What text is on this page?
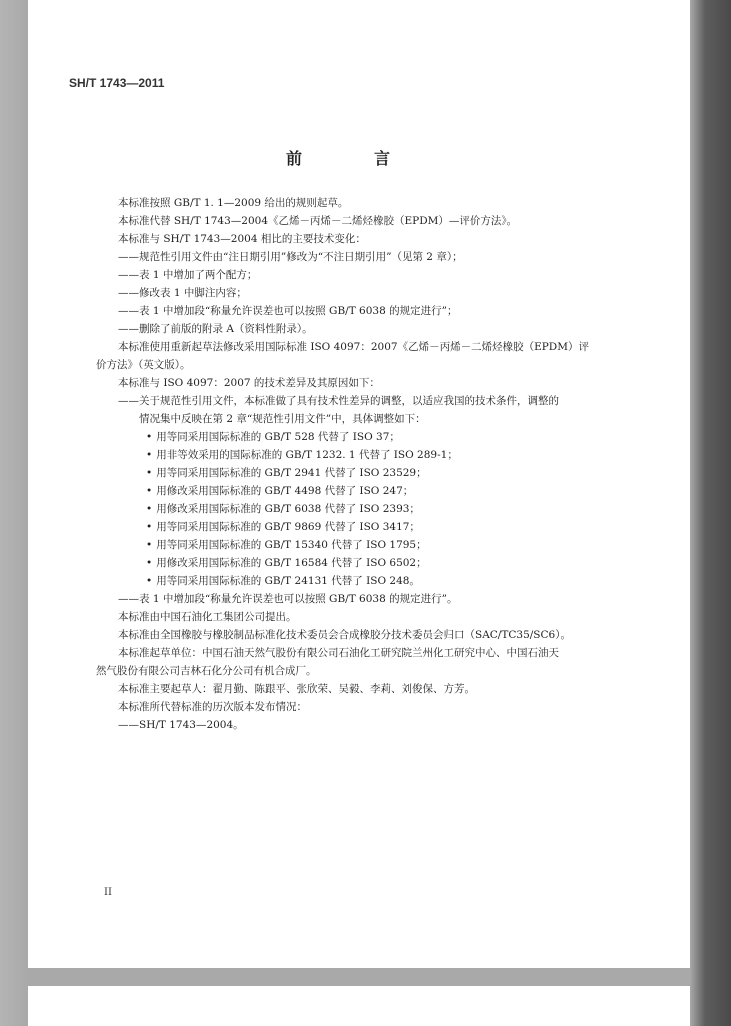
SH/T 1743—2011
前　言
本标准按照 GB/T 1. 1—2009 给出的规则起草。
本标准代替 SH/T 1743—2004《乙烯－丙烯－二烯烃橡胶（EPDM）—评价方法》。
本标准与 SH/T 1743—2004 相比的主要技术变化：
——规范性引用文件由“注日期引用”修改为“不注日期引用”（见第 2 章）；
——表 1 中增加了两个配方；
——修改表 1 中脚注内容；
——表 1 中增加段“称量允许误差也可以按照 GB/T 6038 的规定进行”；
——删除了前版的附录 A（资料性附录）。
本标准使用重新起草法修改采用国际标准 ISO 4097：2007《乙烯－丙烯－二烯烃橡胶（EPDM）评
价方法》（英文版）。
本标准与 ISO 4097：2007 的技术差异及其原因如下：
——关于规范性引用文件，本标准做了具有技术性差异的调整，以适应我国的技术条件，调整的
情况集中反映在第 2 章“规范性引用文件”中，具体调整如下：
• 用等同采用国际标准的 GB/T 528 代替了 ISO 37；
• 用非等效采用的国际标准的 GB/T 1232. 1 代替了 ISO 289-1；
• 用等同采用国际标准的 GB/T 2941 代替了 ISO 23529；
• 用修改采用国际标准的 GB/T 4498 代替了 ISO 247；
• 用修改采用国际标准的 GB/T 6038 代替了 ISO 2393；
• 用等同采用国际标准的 GB/T 9869 代替了 ISO 3417；
• 用等同采用国际标准的 GB/T 15340 代替了 ISO 1795；
• 用修改采用国际标准的 GB/T 16584 代替了 ISO 6502；
• 用等同采用国际标准的 GB/T 24131 代替了 ISO 248。
——表 1 中增加段“称量允许误差也可以按照 GB/T 6038 的规定进行”。
本标准由中国石油化工集团公司提出。
本标准由全国橡胶与橡胶制品标准化技术委员会合成橡胶分技术委员会归口（SAC/TC35/SC6）。
本标准起草单位：中国石油天然气股份有限公司石油化工研究院兰州化工研究中心、中国石油天
然气股份有限公司吉林石化分公司有机合成厂。
本标准主要起草人：翟月勤、陈跟平、张欣荣、吴毅、李莉、刘俊保、方芳。
本标准所代替标准的历次版本发布情况：
——SH/T 1743—2004。
II
